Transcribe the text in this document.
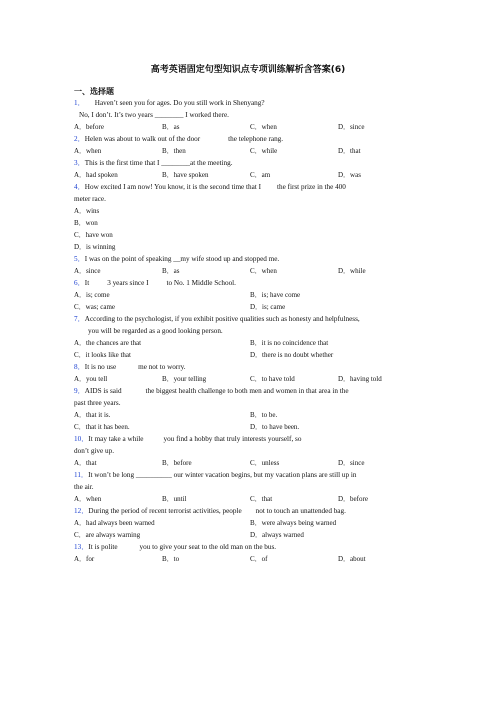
高考英语固定句型知识点专项训练解析含答案(6)
一、选择题

1． Haven’t seen you for ages. Do you still work in Shenyang?

No, I don’t. It’s two years ________ I worked there.

A．before	B．as	C．when	D．since

2．Helen was about to walk out of the door	the telephone rang.

A．when	B．then	C．while	D．that

3．This is the first time that I ________at the meeting.

A．had spoken	B．have spoken	C．am	D．was

4．How excited I am now! You know, it is the second time that I the first prize in the 400

meter race.

A．wins
B．won
C．have won
D．is winning

5．I was on the point of speaking __my wife stood up and stopped me.

A．since	B．as	C．when	D．while

6．It	3 years since I	to No. 1 Middle School.

A．is; come	B．is; have come
C．was; came	D．is; came

7．According to the psychologist, if you exhibit positive qualities such as honesty and helpfulness,

you will be regarded as a good looking person.

A．the chances are that	B．it is no coincidence that
C．it looks like that	D．there is no doubt whether

8．It is no use	me not to worry.

A．you tell	B．your telling	C．to have told	D．having told

9．AIDS is said	the biggest health challenge to both men and women in that area in the

past three years.

A．that it is.	B．to be.
C．that it has been.	D．to have been.

10．It may take a while	you find a hobby that truly interests yourself, so

don’t give up.

A．that	B．before	C．unless	D．since

11．It won’t be long __________ our winter vacation begins, but my vacation plans are still up in

the air.

A．when	B．until	C．that	D．before

12．During the period of recent terrorist activities, people not to touch an unattended bag.

A．had always been warned	B．were always being warned
C．are always warning	D．always warned

13．It is polite	you to give your seat to the old man on the bus.

A．for	B．to	C．of	D．about
